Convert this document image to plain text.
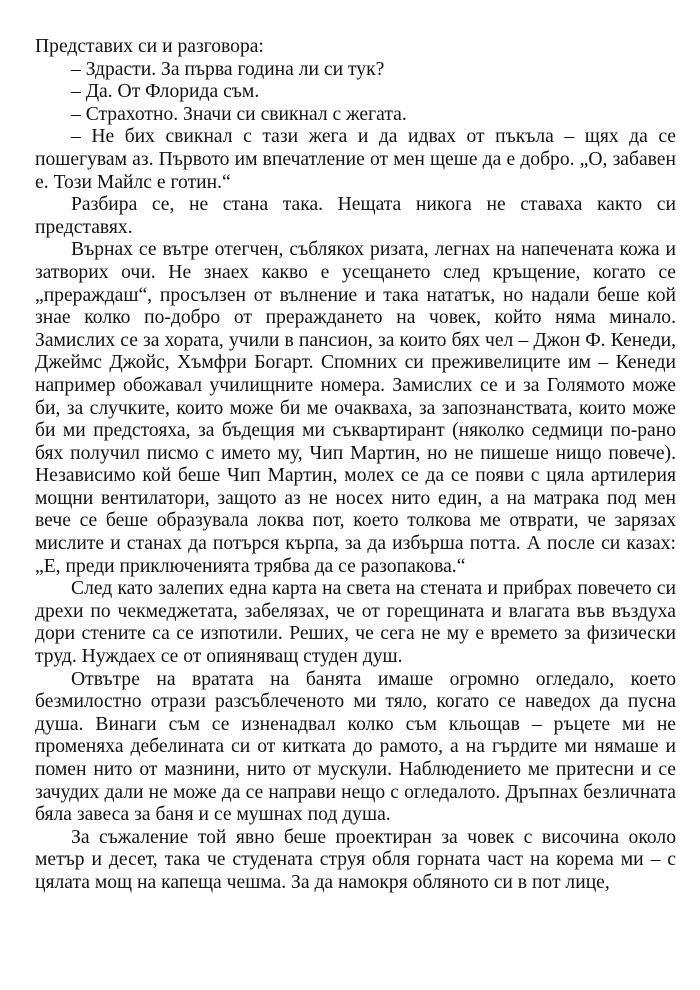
Представих си и разговора:

– Здрасти. За първа година ли си тук?

– Да. От Флорида съм.

– Страхотно. Значи си свикнал с жегата.

– Не бих свикнал с тази жега и да идвах от пъкъла – щях да се пошегувам аз. Първото им впечатление от мен щеше да е добро. „О, забавен е. Този Майлс е готин.“

Разбира се, не стана така. Нещата никога не ставаха както си представях.

Върнах се вътре отегчен, съблякох ризата, легнах на напечената кожа и затворих очи. Не знаех какво е усещането след кръщение, когато се „прераждаш“, просълзен от вълнение и така нататък, но надали беше кой знае колко по-добро от прераждането на човек, който няма минало. Замислих се за хората, учили в пансион, за които бях чел – Джон Ф. Кенеди, Джеймс Джойс, Хъмфри Богарт. Спомних си преживелиците им – Кенеди например обожавал училищните номера. Замислих се и за Голямото може би, за случките, които може би ме очакваха, за запознанствата, които може би ми предстояха, за бъдещия ми съквартирант (няколко седмици по-рано бях получил писмо с името му, Чип Мартин, но не пишеше нищо повече). Независимо кой беше Чип Мартин, молех се да се появи с цяла артилерия мощни вентилатори, защото аз не носех нито един, а на матрака под мен вече се беше образувала локва пот, което толкова ме отврати, че зарязах мислите и станах да потърся кърпа, за да избърша потта. А после си казах: „Е, преди приключенията трябва да се разопакова.“

След като залепих една карта на света на стената и прибрах повечето си дрехи по чекмеджетата, забелязах, че от горещината и влагата във въздуха дори стените са се изпотили. Реших, че сега не му е времето за физически труд. Нуждаех се от опияняващ студен душ.

Отвътре на вратата на банята имаше огромно огледало, което безмилостно отрази разсъблеченото ми тяло, когато се наведох да пусна душа. Винаги съм се изненадвал колко съм кльощав – ръцете ми не променяха дебелината си от китката до рамото, а на гърдите ми нямаше и помен нито от мазнини, нито от мускули. Наблюдението ме притесни и се зачудих дали не може да се направи нещо с огледалото. Дръпнах безличната бяла завеса за баня и се мушнах под душа.

За съжаление той явно беше проектиран за човек с височина около метър и десет, така че студената струя обля горната част на корема ми – с цялата мощ на капеща чешма. За да намокря обляното си в пот лице,
